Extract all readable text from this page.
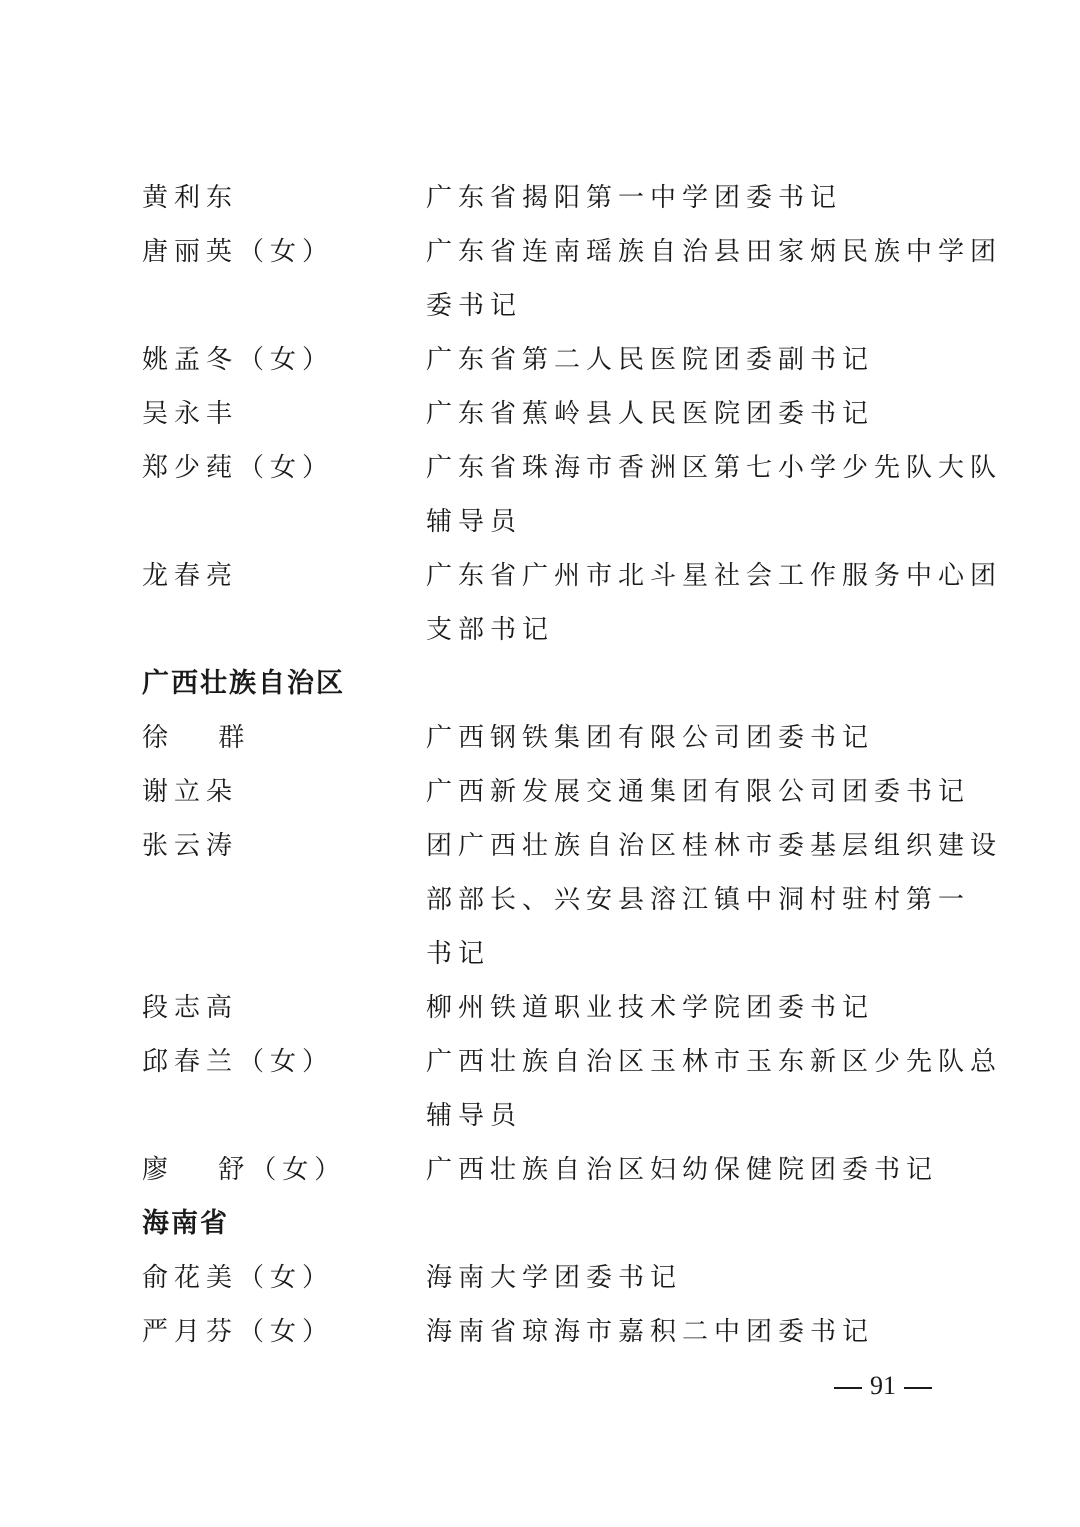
黄利东	广东省揭阳第一中学团委书记
唐丽英（女）	广东省连南瑶族自治县田家炳民族中学团
委书记
姚孟冬（女）	广东省第二人民医院团委副书记
吴永丰	广东省蕉岭县人民医院团委书记
郑少莼（女）	广东省珠海市香洲区第七小学少先队大队
辅导员
龙春亮	广东省广州市北斗星社会工作服务中心团
支部书记
广西壮族自治区
徐 群	广西钢铁集团有限公司团委书记
谢立朵	广西新发展交通集团有限公司团委书记
张云涛	团广西壮族自治区桂林市委基层组织建设
部部长、兴安县溶江镇中洞村驻村第一
书记
段志高	柳州铁道职业技术学院团委书记
邱春兰（女）	广西壮族自治区玉林市玉东新区少先队总
辅导员
廖 舒（女）	广西壮族自治区妇幼保健院团委书记
海南省
俞花美（女）	海南大学团委书记
严月芬（女）	海南省琼海市嘉积二中团委书记
91
